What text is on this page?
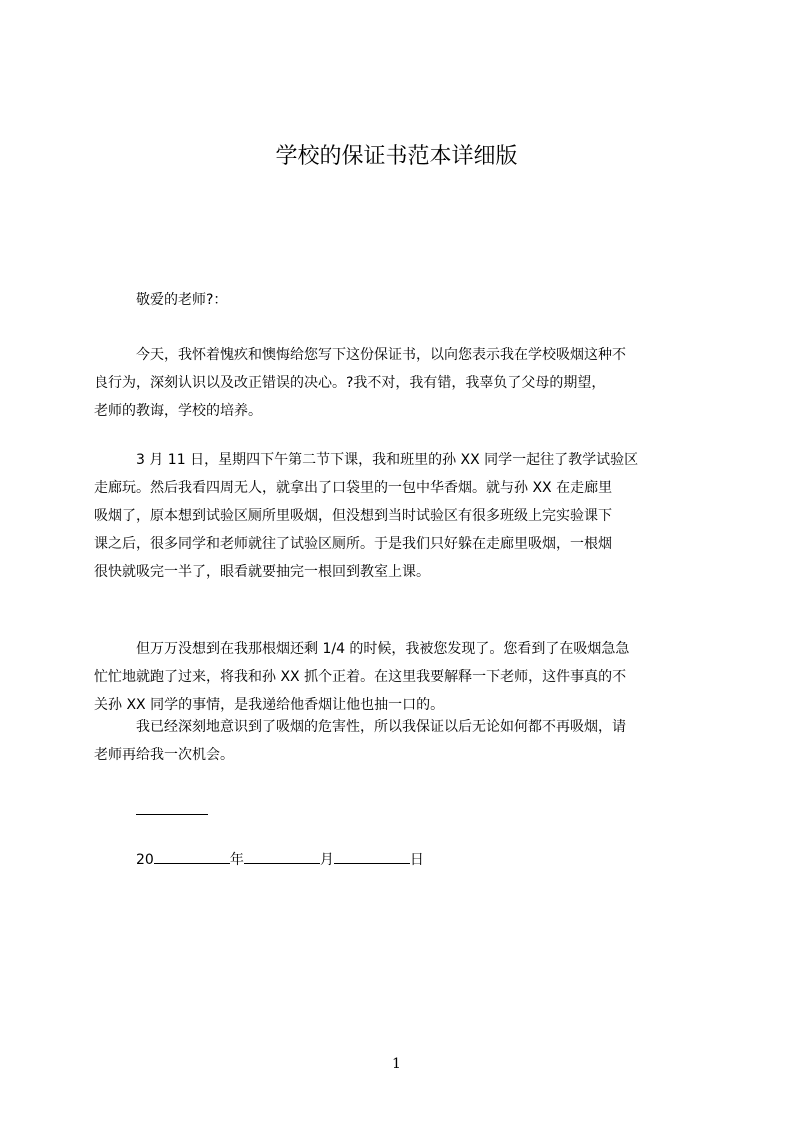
学校的保证书范本详细版
敬爱的老师?：
今天，我怀着愧疚和懊悔给您写下这份保证书，以向您表示我在学校吸烟这种不
良行为，深刻认识以及改正错误的决心。?我不对，我有错，我辜负了父母的期望，
老师的教诲，学校的培养。
3 月 11 日，星期四下午第二节下课，我和班里的孙 XX 同学一起往了教学试验区
走廊玩。然后我看四周无人，就拿出了口袋里的一包中华香烟。就与孙 XX 在走廊里
吸烟了，原本想到试验区厕所里吸烟，但没想到当时试验区有很多班级上完实验课下
课之后，很多同学和老师就往了试验区厕所。于是我们只好躲在走廊里吸烟，一根烟
很快就吸完一半了，眼看就要抽完一根回到教室上课。
但万万没想到在我那根烟还剩 1/4 的时候，我被您发现了。您看到了在吸烟急急
忙忙地就跑了过来，将我和孙 XX 抓个正着。在这里我要解释一下老师，这件事真的不
关孙 XX 同学的事情，是我递给他香烟让他也抽一口的。
我已经深刻地意识到了吸烟的危害性，所以我保证以后无论如何都不再吸烟，请
老师再给我一次机会。
20	年	月	日
1
